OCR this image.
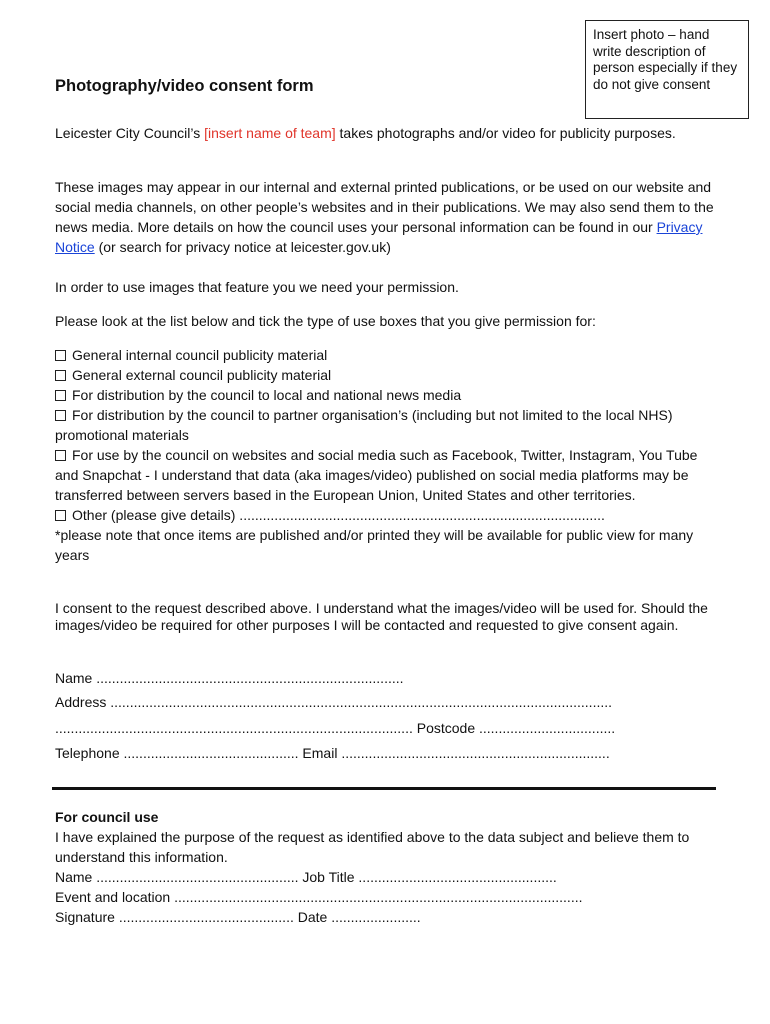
Insert photo – hand write description of person especially if they do not give consent
Photography/video consent form

Leicester City Council’s [insert name of team] takes photographs and/or video for publicity purposes.

These images may appear in our internal and external printed publications, or be used on our website and social media channels, on other people’s websites and in their publications. We may also send them to the news media. More details on how the council uses your personal information can be found in our Privacy Notice (or search for privacy notice at leicester.gov.uk)

In order to use images that feature you we need your permission.

Please look at the list below and tick the type of use boxes that you give permission for:

General internal council publicity material
General external council publicity material
For distribution by the council to local and national news media
For distribution by the council to partner organisation’s (including but not limited to the local NHS) promotional materials
For use by the council on websites and social media such as Facebook, Twitter, Instagram, You Tube and Snapchat - I understand that data (aka images/video) published on social media platforms may be transferred between servers based in the European Union, United States and other territories.
Other (please give details) ..............................................................................................
*please note that once items are published and/or printed they will be available for public view for many years

I consent to the request described above. I understand what the images/video will be used for. Should the images/video be required for other purposes I will be contacted and requested to give consent again.

Name ...............................................................................

Address .................................................................................................................................

............................................................................................ Postcode ...................................

Telephone ............................................. Email .....................................................................

For council use
I have explained the purpose of the request as identified above to the data subject and believe them to understand this information.
Name .................................................... Job Title ...................................................
Event and location .........................................................................................................
Signature ............................................. Date .......................
